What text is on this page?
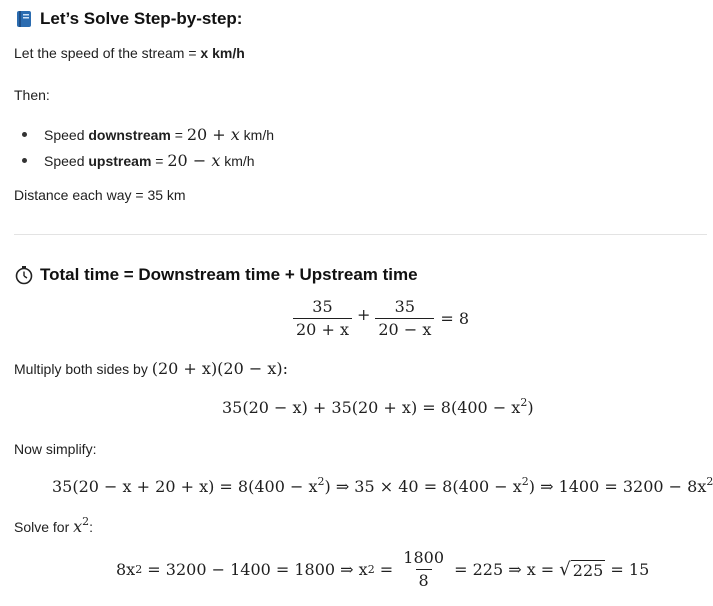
Let’s Solve Step-by-step:
Let the speed of the stream = x km/h
Then:
Speed downstream = 20 + x km/h
Speed upstream = 20 − x km/h
Distance each way = 35 km
Total time = Downstream time + Upstream time
$\frac{35}{20 + x} + \frac{35}{20 - x} = 8$
Multiply both sides by (20 + x)(20 − x):
$35(20 - x) + 35(20 + x) = 8(400 - x^2)$
Now simplify:
$35(20 - x + 20 + x) = 8(400 - x^2)$ ⇒ $35 \times 40 = 8(400 - x^2)$ ⇒ $1400 = 3200 - 8x^2$
Solve for $x^2$:
8x 2 = 3200 − 1400 = 1800 ⇒ x $2 = \frac{1800}{8} = 225$ ⇒ x = √ 225 = 15
